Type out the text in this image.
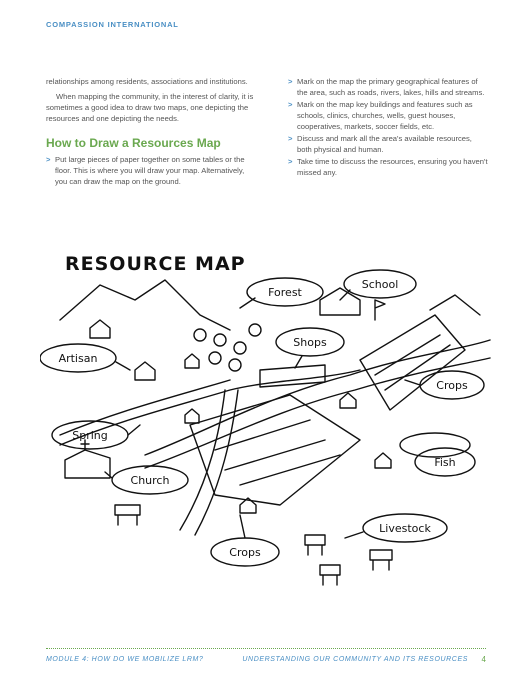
COMPASSION INTERNATIONAL

relationships among residents, associations and institutions.

When mapping the community, in the interest of clarity, it is sometimes a good idea to draw two maps, one depicting the resources and one depicting the needs.

How to Draw a Resources Map
> Put large pieces of paper together on some tables or the floor. This is where you will draw your map. Alternatively, you can draw the map on the ground.
> Mark on the map the primary geographical features of the area, such as roads, rivers, lakes, hills and streams.
> Mark on the map key buildings and features such as schools, clinics, churches, wells, guest houses, cooperatives, markets, soccer fields, etc.
> Discuss and mark all the area's available resources, both physical and human.
> Take time to discuss the resources, ensuring you haven't missed any.
RESOURCE MAP
Forest
School
Artisan
Shops
Crops
Spring
Fish
Church
Livestock
Crops
MODULE 4: HOW DO WE MOBILIZE LRM?	UNDERSTANDING OUR COMMUNITY AND ITS RESOURCES 4
